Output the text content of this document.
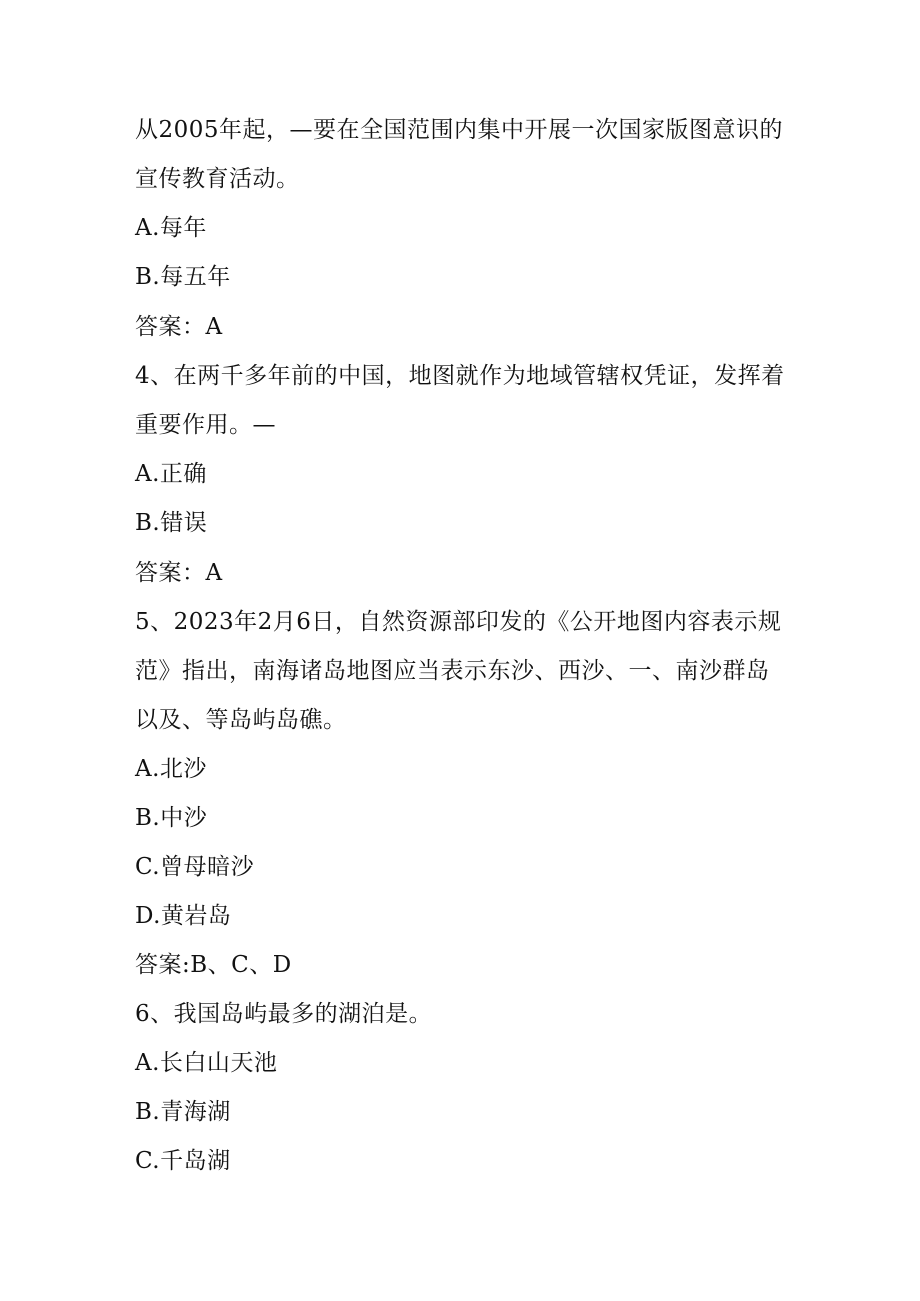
从2005年起，—要在全国范围内集中开展一次国家版图意识的
宣传教育活动。
A.每年
B.每五年
答案：A
4、在两千多年前的中国，地图就作为地域管辖权凭证，发挥着
重要作用。—
A.正确
B.错误
答案：A
5、2023年2月6日，自然资源部印发的《公开地图内容表示规
范》指出，南海诸岛地图应当表示东沙、西沙、一、南沙群岛
以及、等岛屿岛礁。
A.北沙
B.中沙
C.曾母暗沙
D.黄岩岛
答案:B、C、D
6、我国岛屿最多的湖泊是。
A.长白山天池
B.青海湖
C.千岛湖
